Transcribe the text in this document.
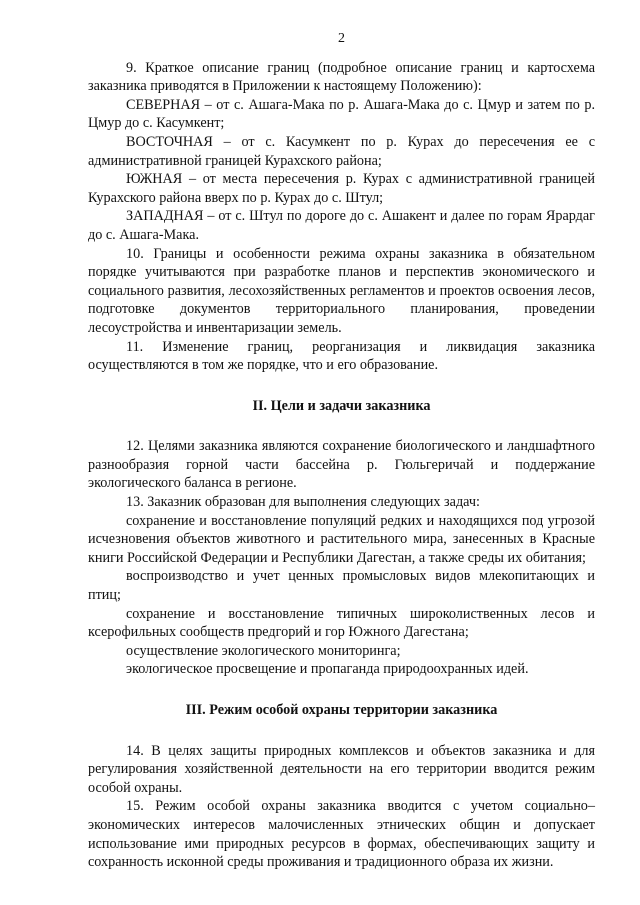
2

9. Краткое описание границ (подробное описание границ и картосхема заказника приводятся в Приложении к настоящему Положению):

СЕВЕРНАЯ – от с. Ашага-Мака по р. Ашага-Мака до с. Цмур и затем по р. Цмур до с. Касумкент;

ВОСТОЧНАЯ – от с. Касумкент по р. Курах до пересечения ее с административной границей Курахского района;

ЮЖНАЯ – от места пересечения р. Курах с административной границей Курахского района вверх по р. Курах до с. Штул;

ЗАПАДНАЯ – от с. Штул по дороге до с. Ашакент и далее по горам Ярардаг до с. Ашага-Мака.

10. Границы и особенности режима охраны заказника в обязательном порядке учитываются при разработке планов и перспектив экономического и социального развития, лесохозяйственных регламентов и проектов освоения лесов, подготовке документов территориального планирования, проведении лесоустройства и инвентаризации земель.

11. Изменение границ, реорганизация и ликвидация заказника осуществляются в том же порядке, что и его образование.

II. Цели и задачи заказника

12. Целями заказника являются сохранение биологического и ландшафтного разнообразия горной части бассейна р. Гюльгеричай и поддержание экологического баланса в регионе.

13. Заказник образован для выполнения следующих задач:

сохранение и восстановление популяций редких и находящихся под угрозой исчезновения объектов животного и растительного мира, занесенных в Красные книги Российской Федерации и Республики Дагестан, а также среды их обитания;

воспроизводство и учет ценных промысловых видов млекопитающих и птиц;

сохранение и восстановление типичных широколиственных лесов и ксерофильных сообществ предгорий и гор Южного Дагестана;

осуществление экологического мониторинга;

экологическое просвещение и пропаганда природоохранных идей.

III. Режим особой охраны территории заказника

14. В целях защиты природных комплексов и объектов заказника и для регулирования хозяйственной деятельности на его территории вводится режим особой охраны.

15. Режим особой охраны заказника вводится с учетом социально–экономических интересов малочисленных этнических общин и допускает использование ими природных ресурсов в формах, обеспечивающих защиту и сохранность исконной среды проживания и традиционного образа их жизни.
